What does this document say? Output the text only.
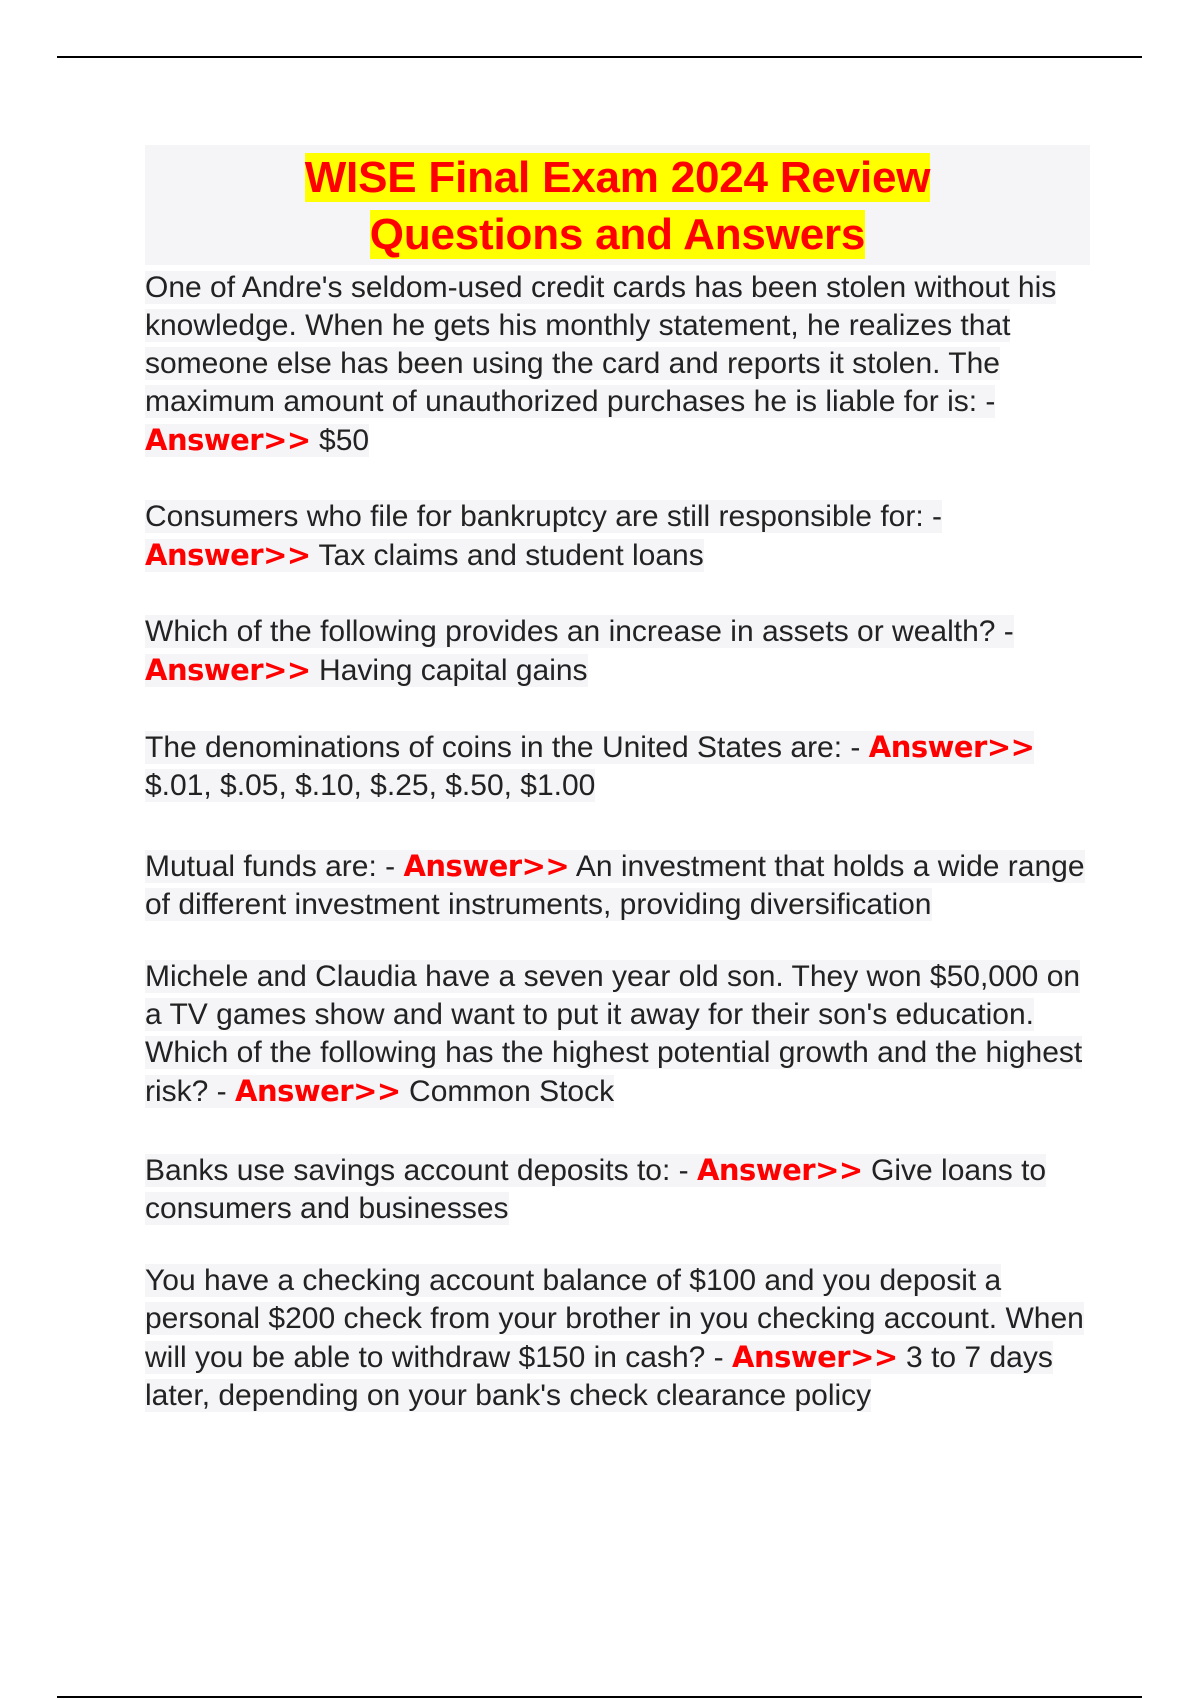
WISE Final Exam 2024 Review
Questions and Answers

One of Andre's seldom-used credit cards has been stolen without his knowledge. When he gets his monthly statement, he realizes that someone else has been using the card and reports it stolen. The maximum amount of unauthorized purchases he is liable for is: - Answer>> $50

Consumers who file for bankruptcy are still responsible for: - Answer>> Tax claims and student loans

Which of the following provides an increase in assets or wealth? - Answer>> Having capital gains

The denominations of coins in the United States are: - Answer>> $.01, $.05, $.10, $.25, $.50, $1.00

Mutual funds are: - Answer>> An investment that holds a wide range of different investment instruments, providing diversification

Michele and Claudia have a seven year old son. They won $50,000 on a TV games show and want to put it away for their son's education. Which of the following has the highest potential growth and the highest risk? - Answer>> Common Stock

Banks use savings account deposits to: - Answer>> Give loans to consumers and businesses

You have a checking account balance of $100 and you deposit a personal $200 check from your brother in you checking account. When will you be able to withdraw $150 in cash? - Answer>> 3 to 7 days later, depending on your bank's check clearance policy
